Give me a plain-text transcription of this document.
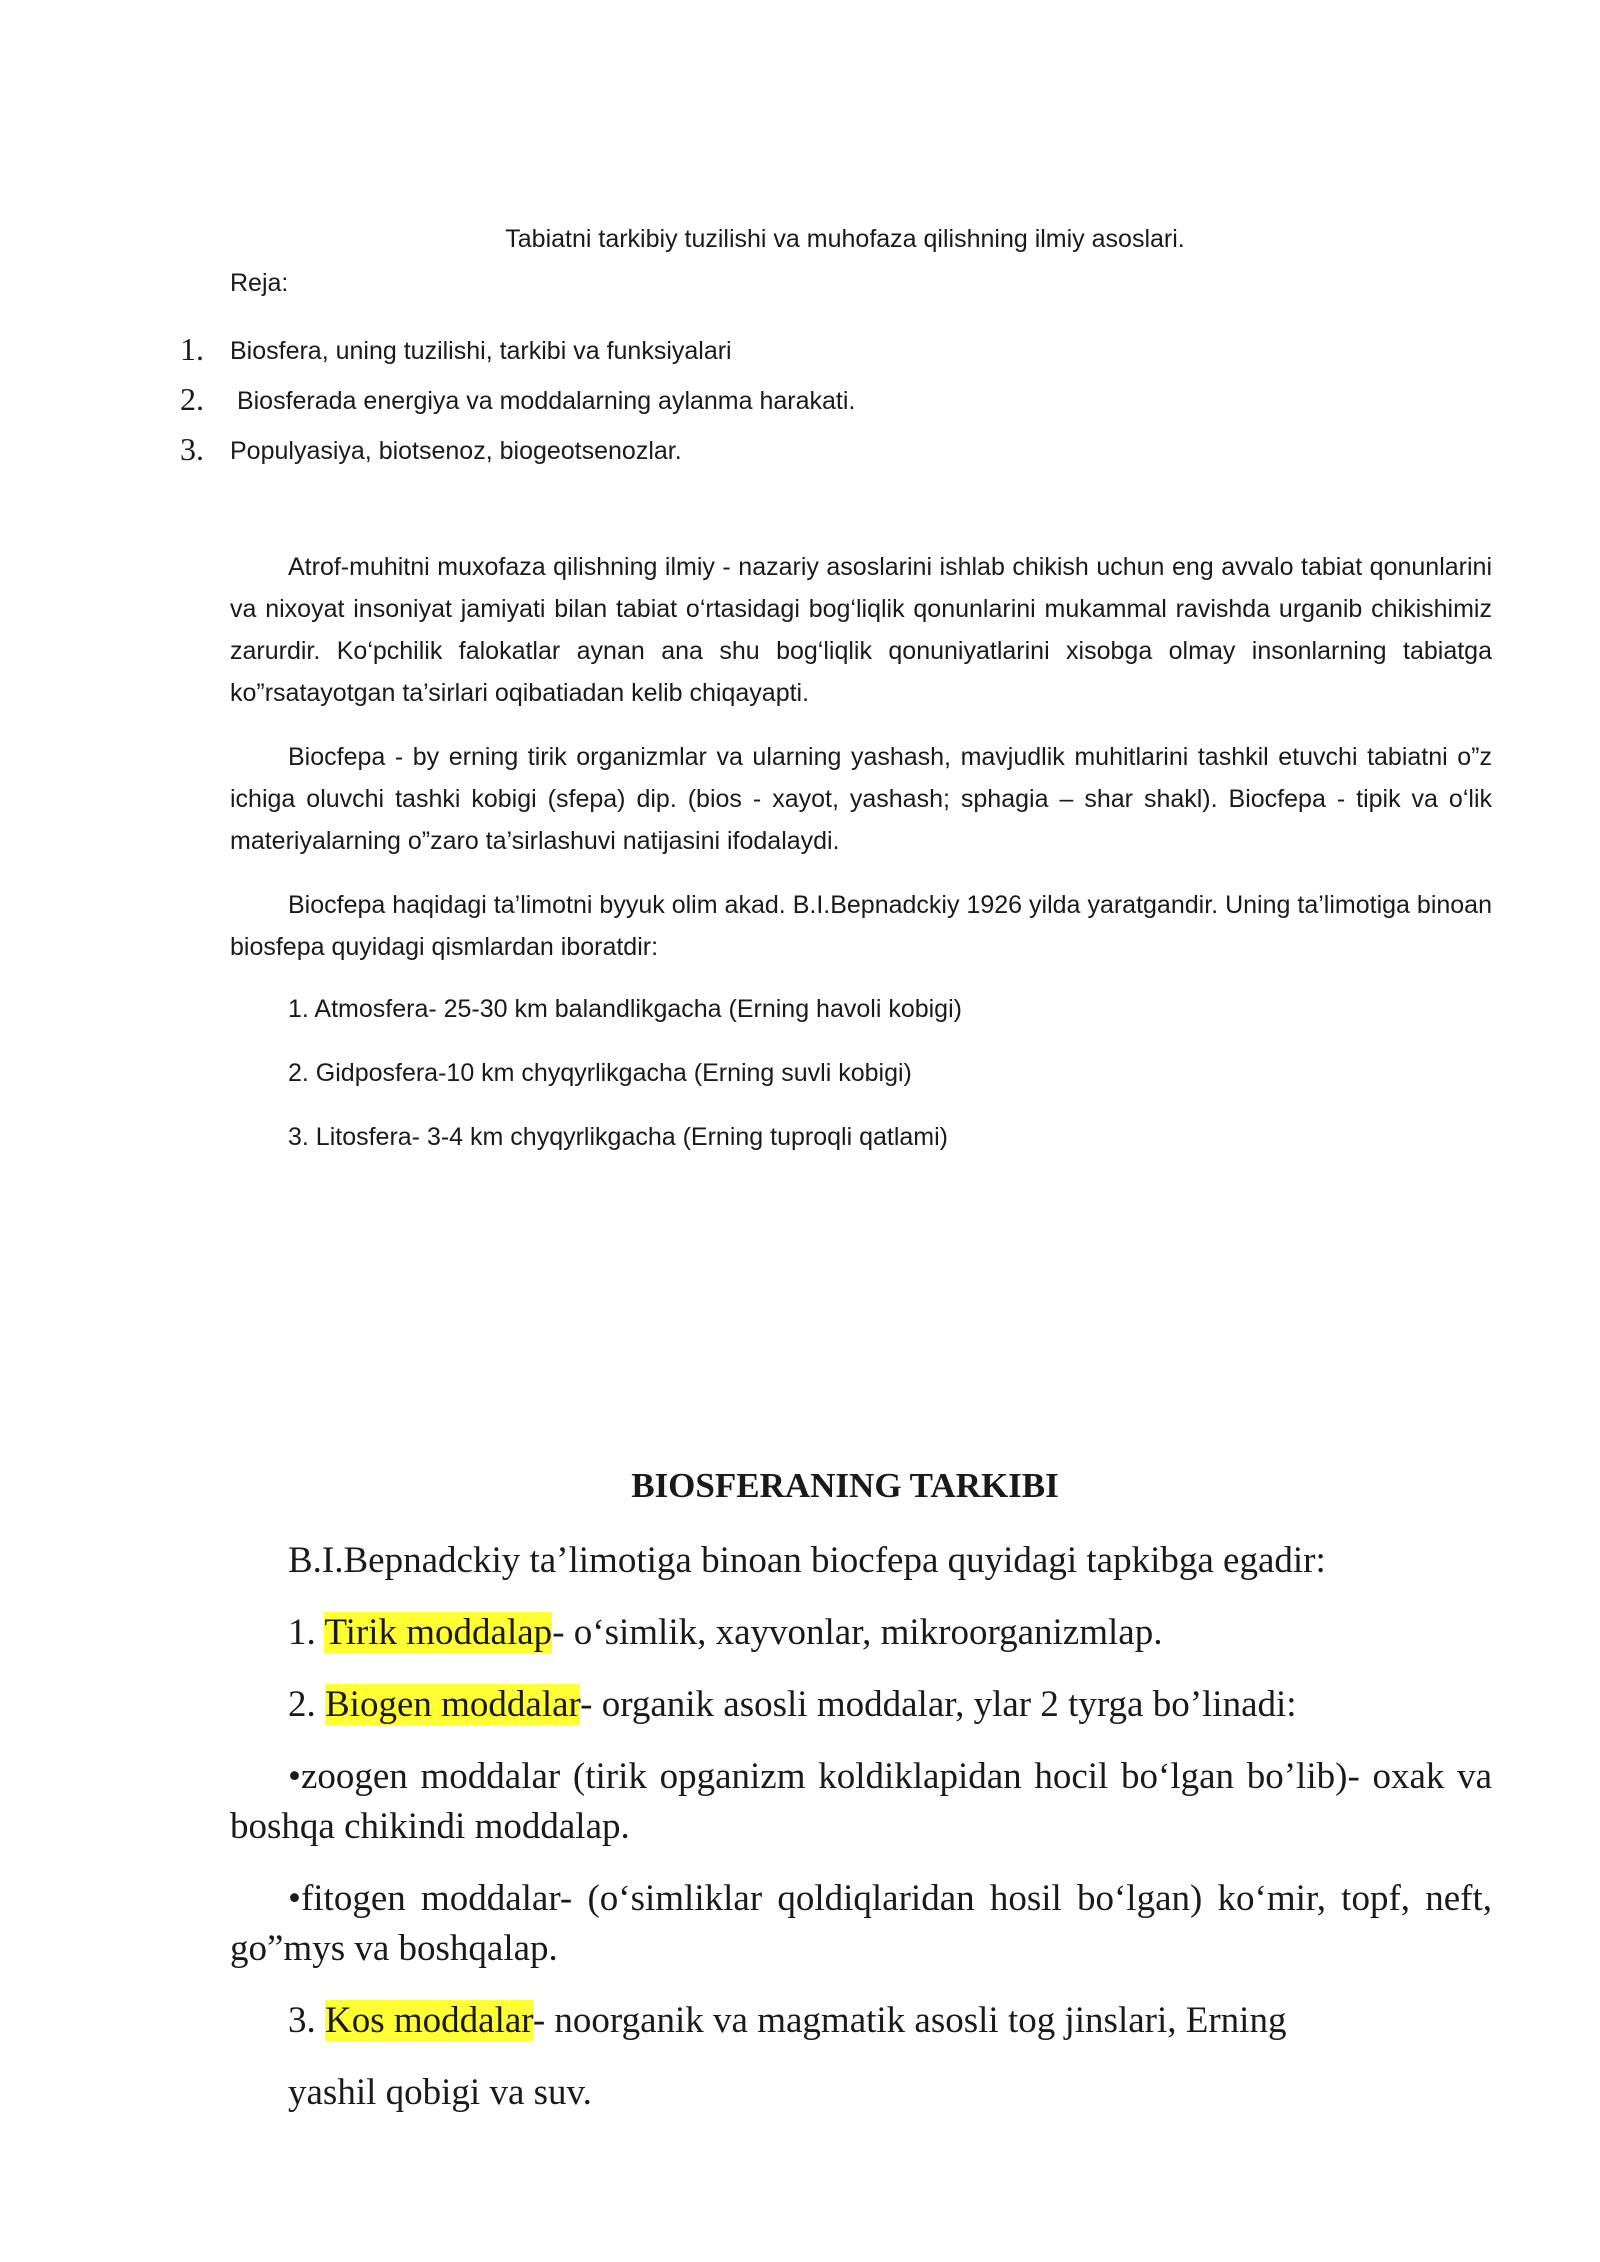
Tabiatni tarkibiy tuzilishi va muhofaza qilishning ilmiy asoslari.
Reja:
1. Biosfera, uning tuzilishi, tarkibi va funksiyalari
2. Biosferada energiya va moddalarning aylanma harakati.
3. Populyasiya, biotsenoz, biogeotsenozlar.

Atrof-muhitni muxofaza qilishning ilmiy - nazariy asoslarini ishlab chikish uchun eng avvalo tabiat qonunlarini va nixoyat insoniyat jamiyati bilan tabiat o‘rtasidagi bog‘liqlik qonunlarini mukammal ravishda urganib chikishimiz zarurdir. Ko‘pchilik falokatlar aynan ana shu bog‘liqlik qonuniyatlarini xisobga olmay insonlarning tabiatga ko”rsatayotgan ta’sirlari oqibatiadan kelib chiqayapti.

Biocfepa - by erning tirik organizmlar va ularning yashash, mavjudlik muhitlarini tashkil etuvchi tabiatni o”z ichiga oluvchi tashki kobigi (sfepa) dip. (bios - xayot, yashash; sphagia – shar shakl). Biocfepa - tipik va o‘lik materiyalarning o”zaro ta’sirlashuvi natijasini ifodalaydi.

Biocfepa haqidagi ta’limotni byyuk olim akad. B.I.Bepnadckiy 1926 yilda yaratgandir. Uning ta’limotiga binoan biosfepa quyidagi qismlardan iboratdir:

1. Atmosfera- 25-30 km balandlikgacha (Erning havoli kobigi)
2. Gidposfera-10 km chyqyrlikgacha (Erning suvli kobigi)
3. Litosfera- 3-4 km chyqyrlikgacha (Erning tuproqli qatlami)
BIOSFERANING TARKIBI
B.I.Bepnadckiy ta’limotiga binoan biocfepa quyidagi tapkibga egadir:
1. Tirik moddalap- o‘simlik, xayvonlar, mikroorganizmlap.
2. Biogen moddalar- organik asosli moddalar, ylar 2 tyrga bo’linadi:

•zoogen moddalar (tirik opganizm koldiklapidan hocil bo‘lgan bo’lib)- oxak va boshqa chikindi moddalap.

•fitogen moddalar- (o‘simliklar qoldiqlaridan hosil bo‘lgan) ko‘mir, topf, neft, go”mys va boshqalap.

3. Kos moddalar- noorganik va magmatik asosli tog jinslari, Erning
yashil qobigi va suv.
